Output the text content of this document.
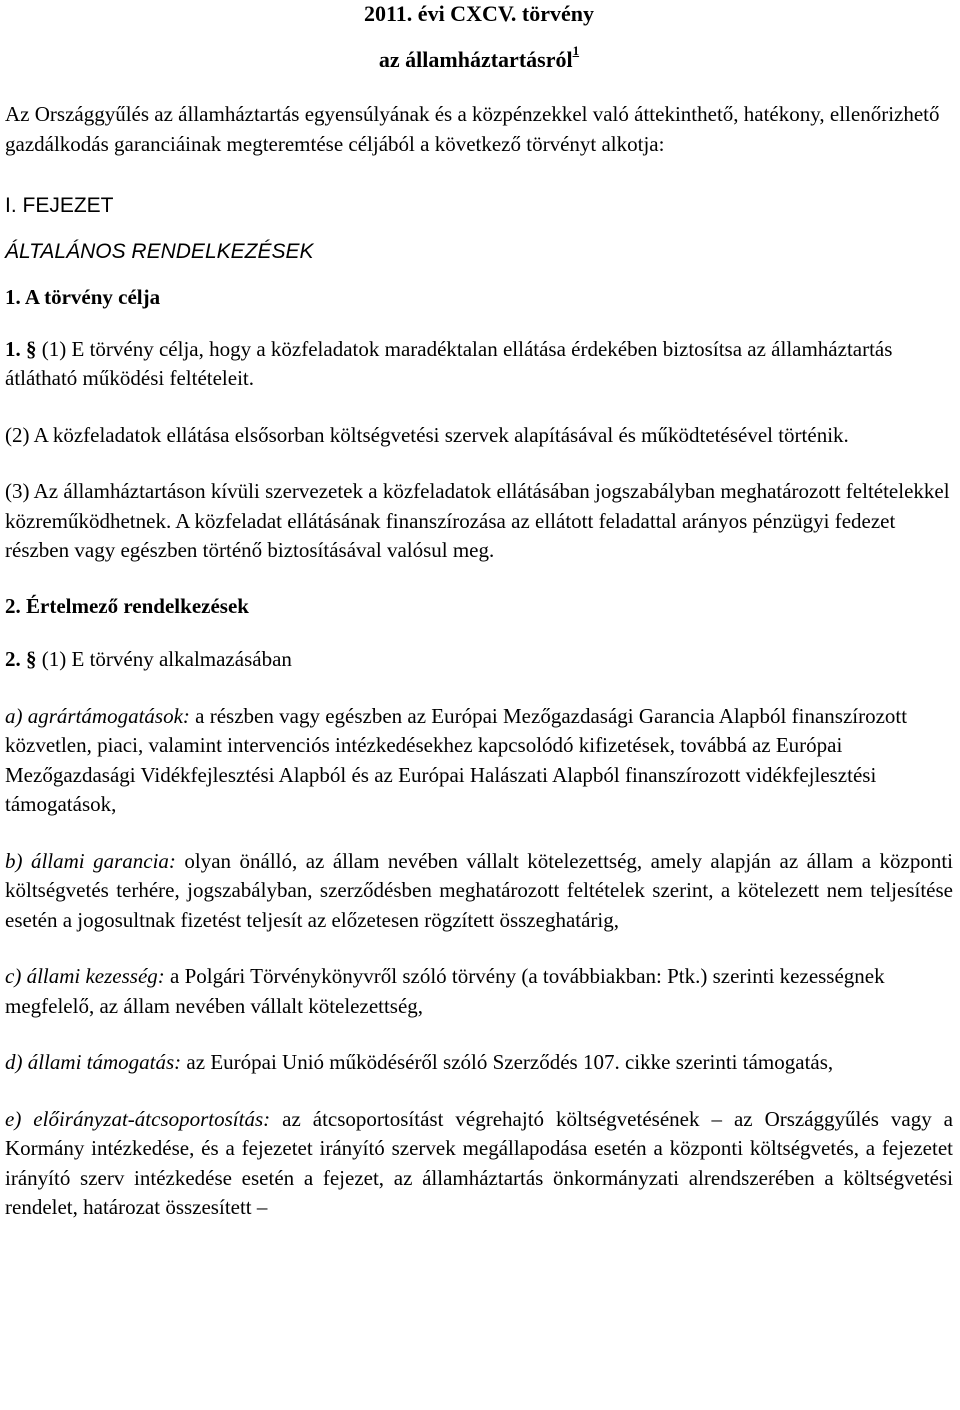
2011. évi CXCV. törvény

az államháztartásról$^1$

Az Országgyűlés az államháztartás egyensúlyának és a közpénzekkel való áttekinthető, hatékony, ellenőrizhető gazdálkodás garanciáinak megteremtése céljából a következő törvényt alkotja:

I. FEJEZET

ÁLTALÁNOS RENDELKEZÉSEK

1. A törvény célja

1. § (1) E törvény célja, hogy a közfeladatok maradéktalan ellátása érdekében biztosítsa az államháztartás átlátható működési feltételeit.

(2) A közfeladatok ellátása elsősorban költségvetési szervek alapításával és működtetésével történik.

(3) Az államháztartáson kívüli szervezetek a közfeladatok ellátásában jogszabályban meghatározott feltételekkel közreműködhetnek. A közfeladat ellátásának finanszírozása az ellátott feladattal arányos pénzügyi fedezet részben vagy egészben történő biztosításával valósul meg.

2. Értelmező rendelkezések

2. § (1) E törvény alkalmazásában

a) agrártámogatások: a részben vagy egészben az Európai Mezőgazdasági Garancia Alapból finanszírozott közvetlen, piaci, valamint intervenciós intézkedésekhez kapcsolódó kifizetések, továbbá az Európai Mezőgazdasági Vidékfejlesztési Alapból és az Európai Halászati Alapból finanszírozott vidékfejlesztési támogatások,

b) állami garancia: olyan önálló, az állam nevében vállalt kötelezettség, amely alapján az állam a központi költségvetés terhére, jogszabályban, szerződésben meghatározott feltételek szerint, a kötelezett nem teljesítése esetén a jogosultnak fizetést teljesít az előzetesen rögzített összeghatárig,

c) állami kezesség: a Polgári Törvénykönyvről szóló törvény (a továbbiakban: Ptk.) szerinti kezességnek megfelelő, az állam nevében vállalt kötelezettség,

d) állami támogatás: az Európai Unió működéséről szóló Szerződés 107. cikke szerinti támogatás,

e) előirányzat-átcsoportosítás: az átcsoportosítást végrehajtó költségvetésének – az Országgyűlés vagy a Kormány intézkedése, és a fejezetet irányító szervek megállapodása esetén a központi költségvetés, a fejezetet irányító szerv intézkedése esetén a fejezet, az államháztartás önkormányzati alrendszerében a költségvetési rendelet, határozat összesített –
